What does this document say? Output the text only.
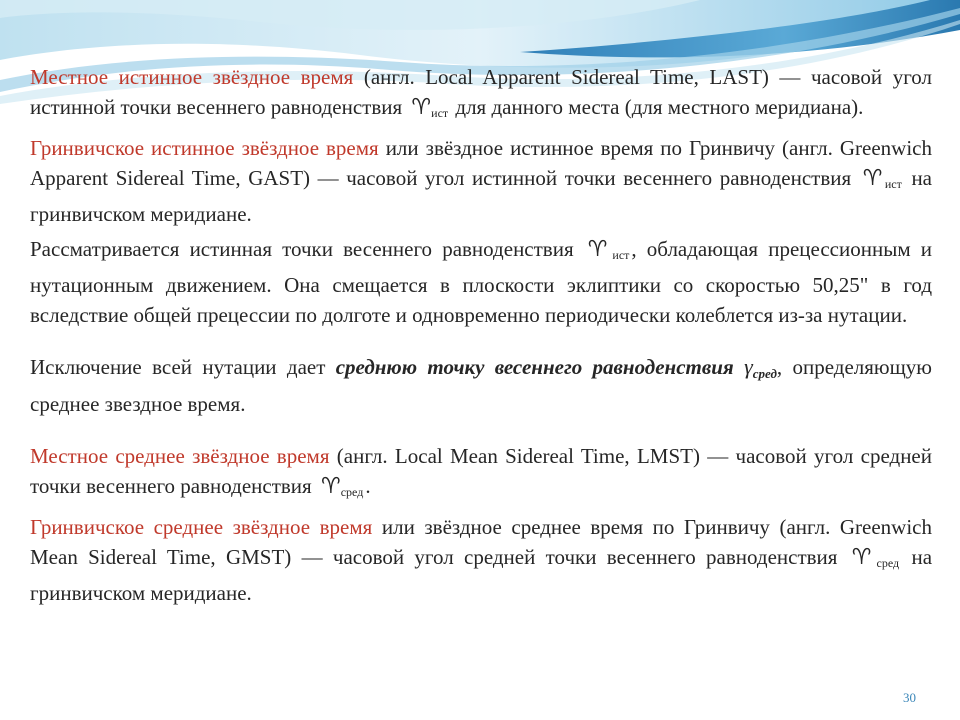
Местное истинное звёздное время (англ. Local Apparent Sidereal Time, LAST) — часовой угол истинной точки весеннего равноденствия $♈_{ист}$ для данного места (для местного меридиана).

Гринвичское истинное звёздное время или звёздное истинное время по Гринвичу (англ. Greenwich Apparent Sidereal Time, GAST) — часовой угол истинной точки весеннего равноденствия $♈_{ист}$ на гринвичском меридиане.

Рассматривается истинная точки весеннего равноденствия $♈_{ист}$, обладающая прецессионным и нутационным движением. Она смещается в плоскости эклиптики со скоростью 50,25" в год вследствие общей прецессии по долготе и одновременно периодически колеблется из-за нутации.

Исключение всей нутации дает среднюю точку весеннего равноденствия γсред, определяющую среднее звездное время.

Местное среднее звёздное время (англ. Local Mean Sidereal Time, LMST) — часовой угол средней точки весеннего равноденствия $♈_{сред}$.

Гринвичское среднее звёздное время или звёздное среднее время по Гринвичу (англ. Greenwich Mean Sidereal Time, GMST) — часовой угол средней точки весеннего равноденствия $♈_{сред}$ на гринвичском меридиане.

30
